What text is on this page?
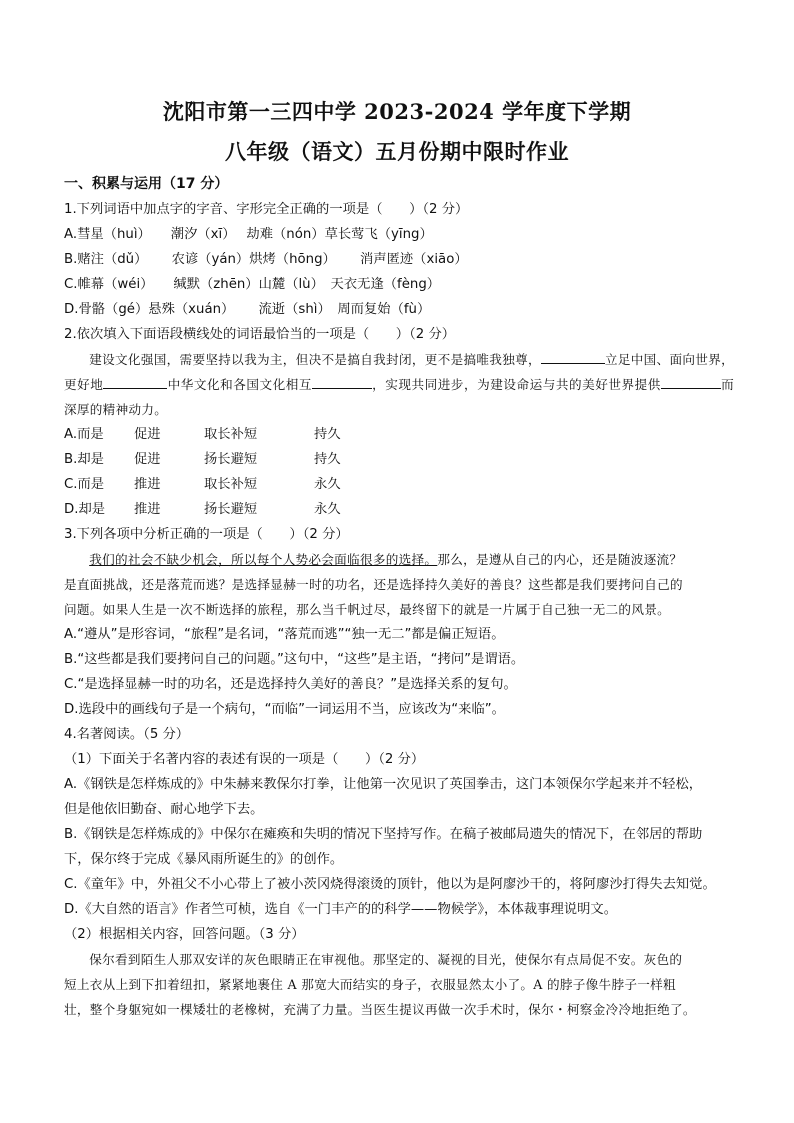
沈阳市第一三四中学 2023-2024 学年度下学期
八年级（语文）五月份期中限时作业
一、积累与运用（17 分）
1.下列词语中加点字的字音、字形完全正确的一项是（　　）（2 分）
A.彗星（huì）　　潮汐（xī）　 劫难（nón）草长莺飞（yīng）
B.赌注（dǔ）　　 农谚（yán）烘烤（hōng）　　 消声匿迹（xiāo）
C.帷幕（wéi）　　缄默（zhēn）山麓（lù）　天衣无逢（fèng）
D.骨骼（gé）悬殊（xuán）　　 流逝（shì）　周而复始（fù）
2.依次填入下面语段横线处的词语最恰当的一项是（　　）（2 分）

建设文化强国，需要坚持以我为主，但决不是搞自我封闭，更不是搞唯我独尊，	立足中国、面向世界，更好地	中华文化和各国文化相互	，实现共同进步，为建设命运与共的美好世界提供	而深厚的精神动力。

A.而是 促进	取长补短	持久
B.却是 促进	扬长避短	持久
C.而是 推进	取长补短	永久
D.却是 推进	扬长避短	永久
3.下列各项中分析正确的一项是（　　）（2 分）

我们的社会不缺少机会，所以每个人势必会面临很多的选择。那么，是遵从自己的内心，还是随波逐流？

是直面挑战，还是落荒而逃？是选择显赫一时的功名，还是选择持久美好的善良？这些都是我们要拷问自己的

问题。如果人生是一次不断选择的旅程，那么当千帆过尽，最终留下的就是一片属于自己独一无二的风景。

A.“遵从”是形容词，“旅程”是名词，“落荒而逃”“独一无二”都是偏正短语。
B.“这些都是我们要拷问自己的问题。”这句中，“这些”是主语，“拷问”是谓语。
C.“是选择显赫一时的功名，还是选择持久美好的善良？”是选择关系的复句。
D.选段中的画线句子是一个病句，“而临”一词运用不当，应该改为“来临”。
4.名著阅读。（5 分）
（1）下面关于名著内容的表述有误的一项是（　　）（2 分）
A.《钢铁是怎样炼成的》中朱赫来教保尔打拳，让他第一次见识了英国拳击，这门本领保尔学起来并不轻松，
但是他依旧勤奋、耐心地学下去。
B.《钢铁是怎样炼成的》中保尔在瘫痪和失明的情况下坚持写作。在稿子被邮局遗失的情况下，在邻居的帮助
下，保尔终于完成《暴风雨所诞生的》的创作。
C.《童年》中，外祖父不小心带上了被小茨冈烧得滚烫的顶针，他以为是阿廖沙干的，将阿廖沙打得失去知觉。
D.《大自然的语言》作者竺可桢，选自《一门丰产的的科学——物候学》，本体裁事理说明文。
（2）根据相关内容，回答问题。（3 分）

保尔看到陌生人那双安详的灰色眼睛正在审视他。那坚定的、凝视的目光，使保尔有点局促不安。灰色的

短上衣从上到下扣着纽扣，紧紧地裹住 A 那宽大而结实的身子，衣服显然太小了。A 的脖子像牛脖子一样粗

壮，整个身躯宛如一棵矮壮的老橡树，充满了力量。当医生提议再做一次手术时，保尔・柯察金冷冷地拒绝了。
